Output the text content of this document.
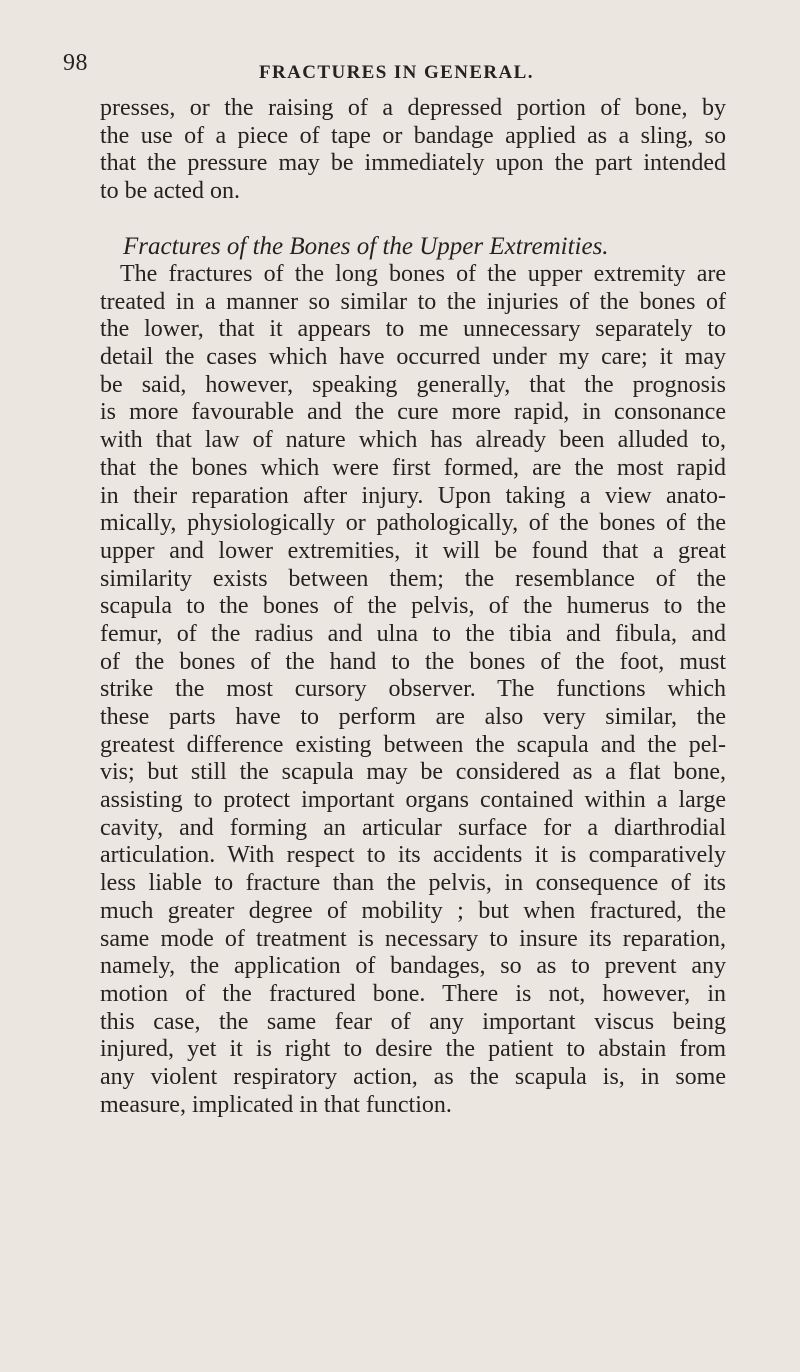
98	FRACTURES IN GENERAL.
presses, or the raising of a depressed portion of bone, by
the use of a piece of tape or bandage applied as a sling, so
that the pressure may be immediately upon the part intended
to be acted on.
Fractures of the Bones of the Upper Extremities.
The fractures of the long bones of the upper extremity are
treated in a manner so similar to the injuries of the bones of
the lower, that it appears to me unnecessary separately to
detail the cases which have occurred under my care; it may
be said, however, speaking generally, that the prognosis
is more favourable and the cure more rapid, in consonance
with that law of nature which has already been alluded to,
that the bones which were first formed, are the most rapid
in their reparation after injury. Upon taking a view anato-
mically, physiologically or pathologically, of the bones of the
upper and lower extremities, it will be found that a great
similarity exists between them; the resemblance of the
scapula to the bones of the pelvis, of the humerus to the
femur, of the radius and ulna to the tibia and fibula, and
of the bones of the hand to the bones of the foot, must
strike the most cursory observer. The functions which
these parts have to perform are also very similar, the
greatest difference existing between the scapula and the pel-
vis; but still the scapula may be considered as a flat bone,
assisting to protect important organs contained within a large
cavity, and forming an articular surface for a diarthrodial
articulation. With respect to its accidents it is comparatively
less liable to fracture than the pelvis, in consequence of its
much greater degree of mobility ; but when fractured, the
same mode of treatment is necessary to insure its reparation,
namely, the application of bandages, so as to prevent any
motion of the fractured bone. There is not, however, in
this case, the same fear of any important viscus being
injured, yet it is right to desire the patient to abstain from
any violent respiratory action, as the scapula is, in some
measure, implicated in that function.
